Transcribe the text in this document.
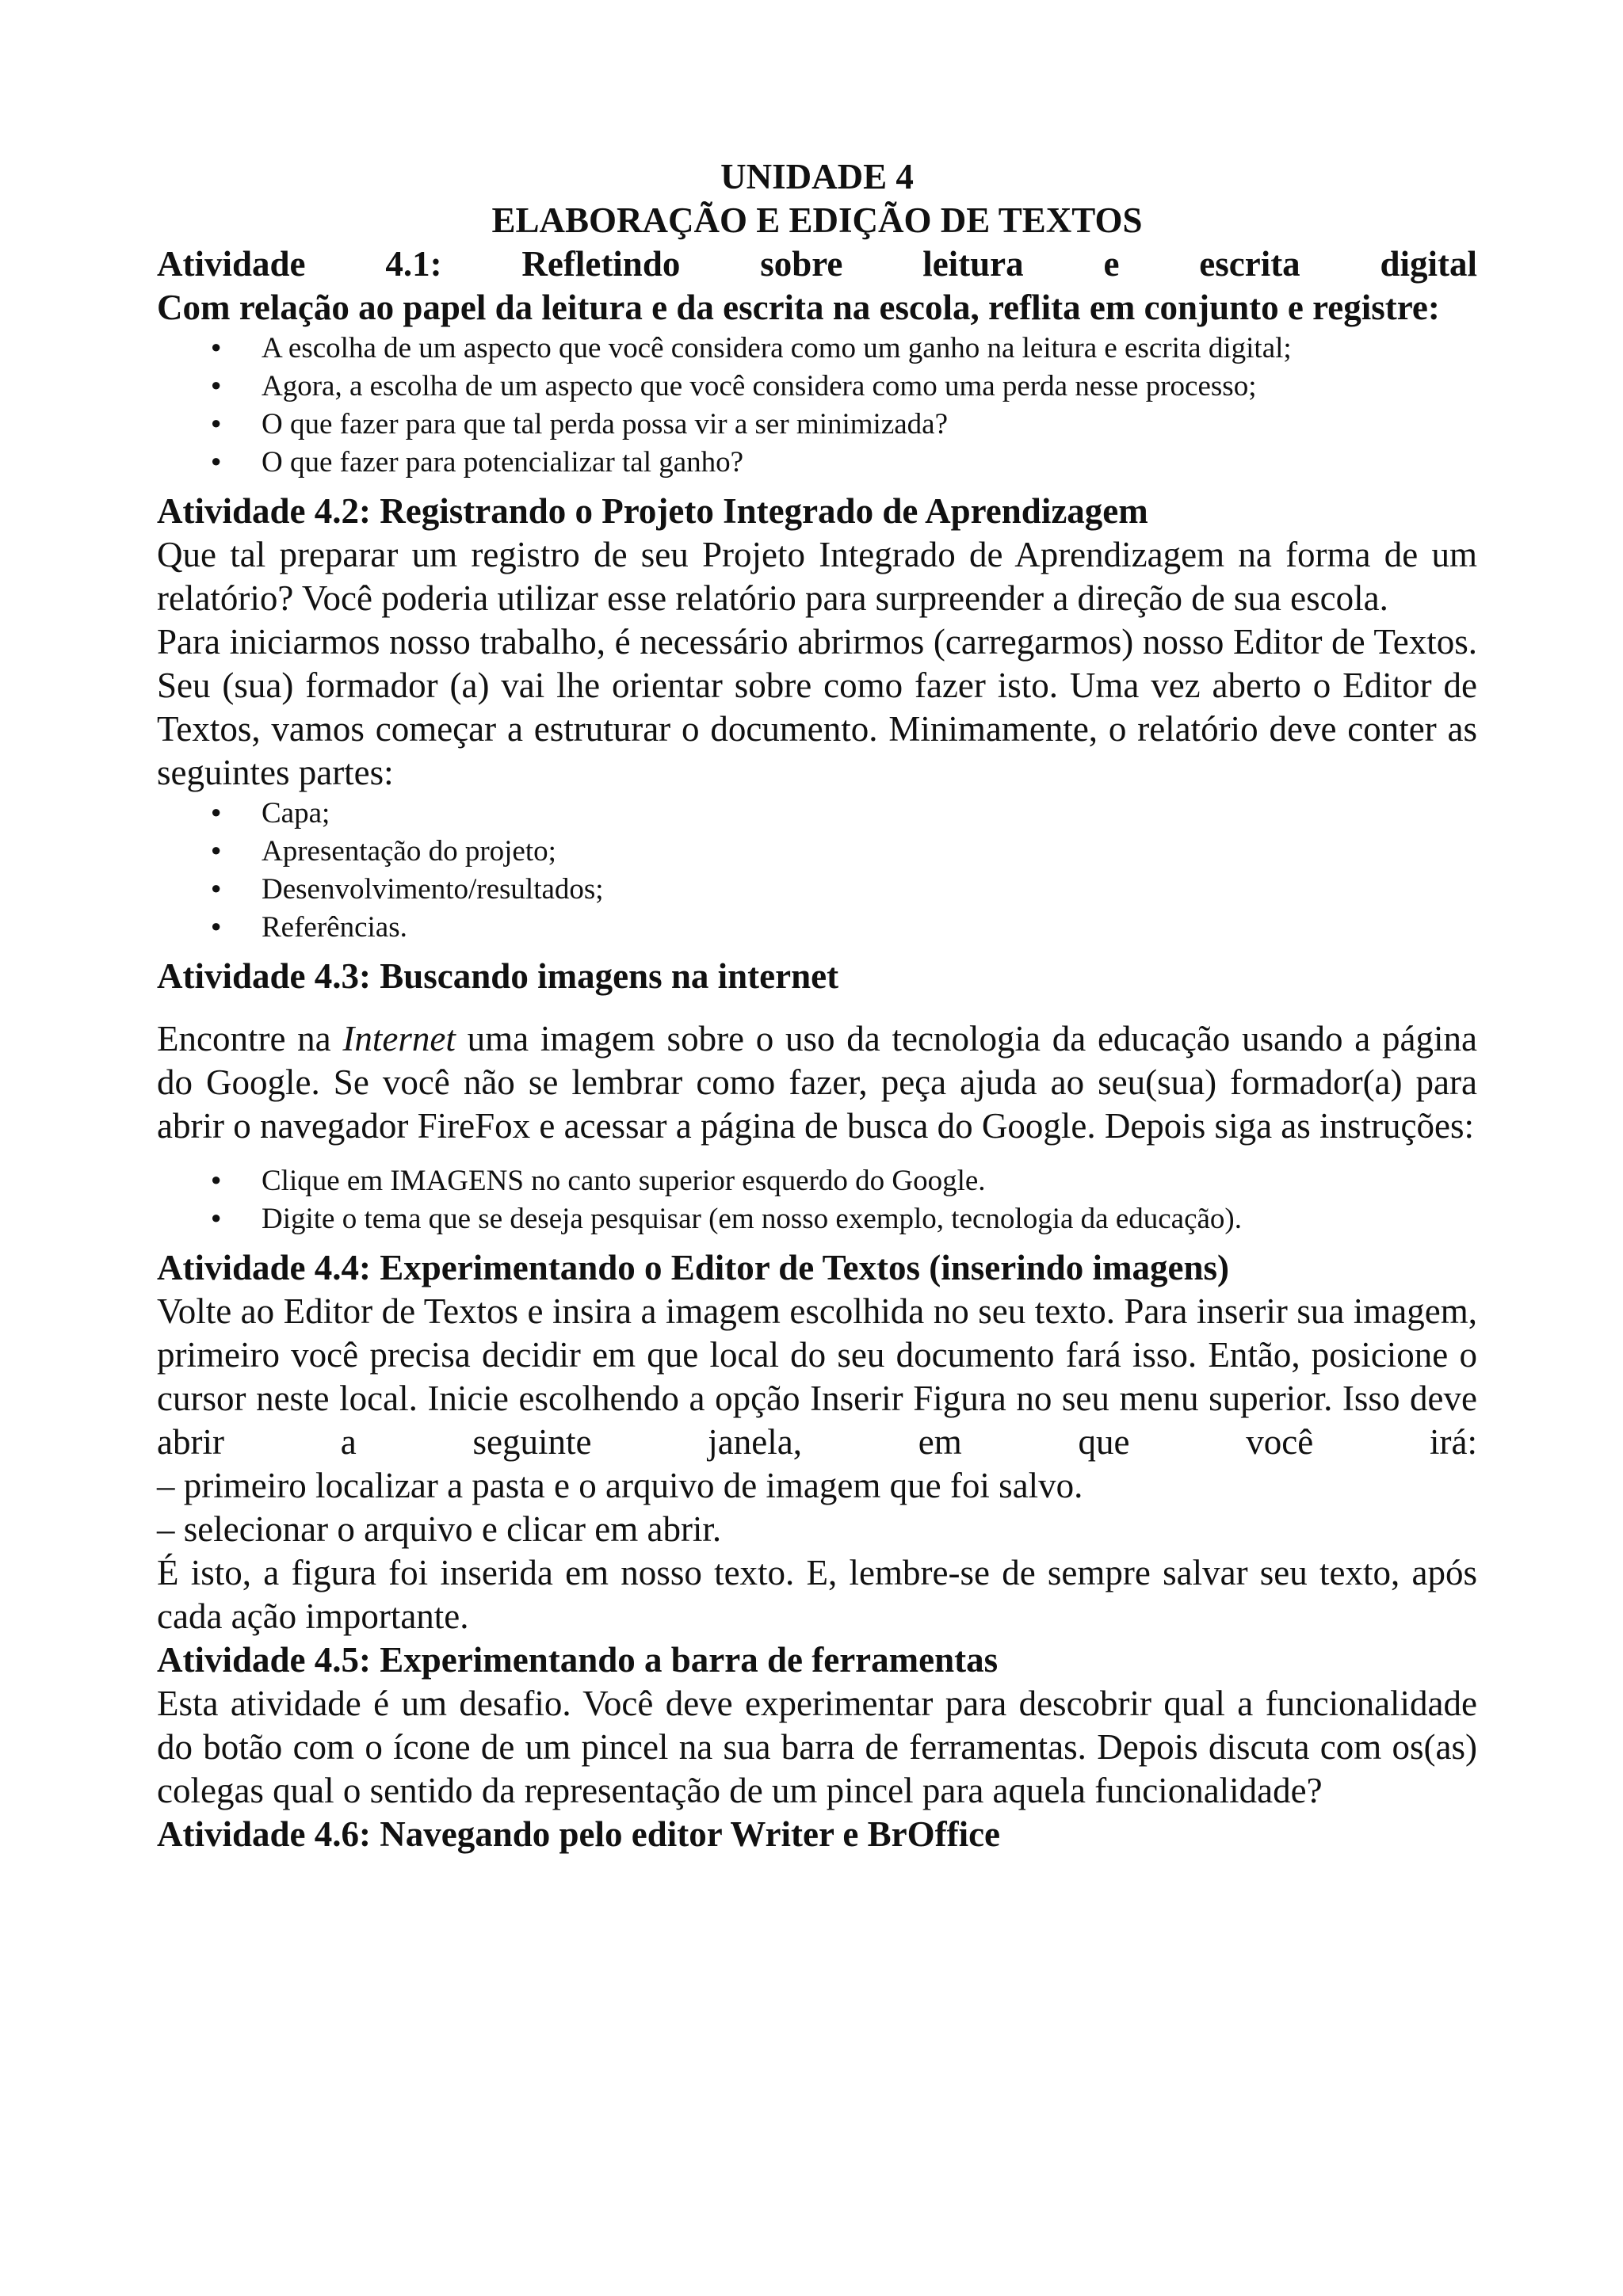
UNIDADE 4

ELABORAÇÃO E EDIÇÃO DE TEXTOS

Atividade 4.1: Refletindo sobre leitura e escrita digital

Com relação ao papel da leitura e da escrita na escola, reflita em conjunto e registre:

● A escolha de um aspecto que você considera como um ganho na leitura e escrita digital;
● Agora, a escolha de um aspecto que você considera como uma perda nesse processo;
● O que fazer para que tal perda possa vir a ser minimizada?
● O que fazer para potencializar tal ganho?

Atividade 4.2: Registrando o Projeto Integrado de Aprendizagem

Que tal preparar um registro de seu Projeto Integrado de Aprendizagem na forma de um relatório? Você poderia utilizar esse relatório para surpreender a direção de sua escola.

Para iniciarmos nosso trabalho, é necessário abrirmos (carregarmos) nosso Editor de Textos. Seu (sua) formador (a) vai lhe orientar sobre como fazer isto. Uma vez aberto o Editor de Textos, vamos começar a estruturar o documento. Minimamente, o relatório deve conter as seguintes partes:

● Capa;
● Apresentação do projeto;
● Desenvolvimento/resultados;
● Referências.

Atividade 4.3: Buscando imagens na internet

Encontre na Internet uma imagem sobre o uso da tecnologia da educação usando a página do Google. Se você não se lembrar como fazer, peça ajuda ao seu(sua) formador(a) para abrir o navegador FireFox e acessar a página de busca do Google. Depois siga as instruções:

● Clique em IMAGENS no canto superior esquerdo do Google.
● Digite o tema que se deseja pesquisar (em nosso exemplo, tecnologia da educação).

Atividade 4.4: Experimentando o Editor de Textos (inserindo imagens)

Volte ao Editor de Textos e insira a imagem escolhida no seu texto. Para inserir sua imagem, primeiro você precisa decidir em que local do seu documento fará isso. Então, posicione o cursor neste local. Inicie escolhendo a opção Inserir Figura no seu menu superior. Isso deve abrir a seguinte janela, em que você irá:

– primeiro localizar a pasta e o arquivo de imagem que foi salvo.

– selecionar o arquivo e clicar em abrir.

É isto, a figura foi inserida em nosso texto. E, lembre-se de sempre salvar seu texto, após cada ação importante.

Atividade 4.5: Experimentando a barra de ferramentas

Esta atividade é um desafio. Você deve experimentar para descobrir qual a funcionalidade do botão com o ícone de um pincel na sua barra de ferramentas. Depois discuta com os(as) colegas qual o sentido da representação de um pincel para aquela funcionalidade?

Atividade 4.6: Navegando pelo editor Writer e BrOffice
